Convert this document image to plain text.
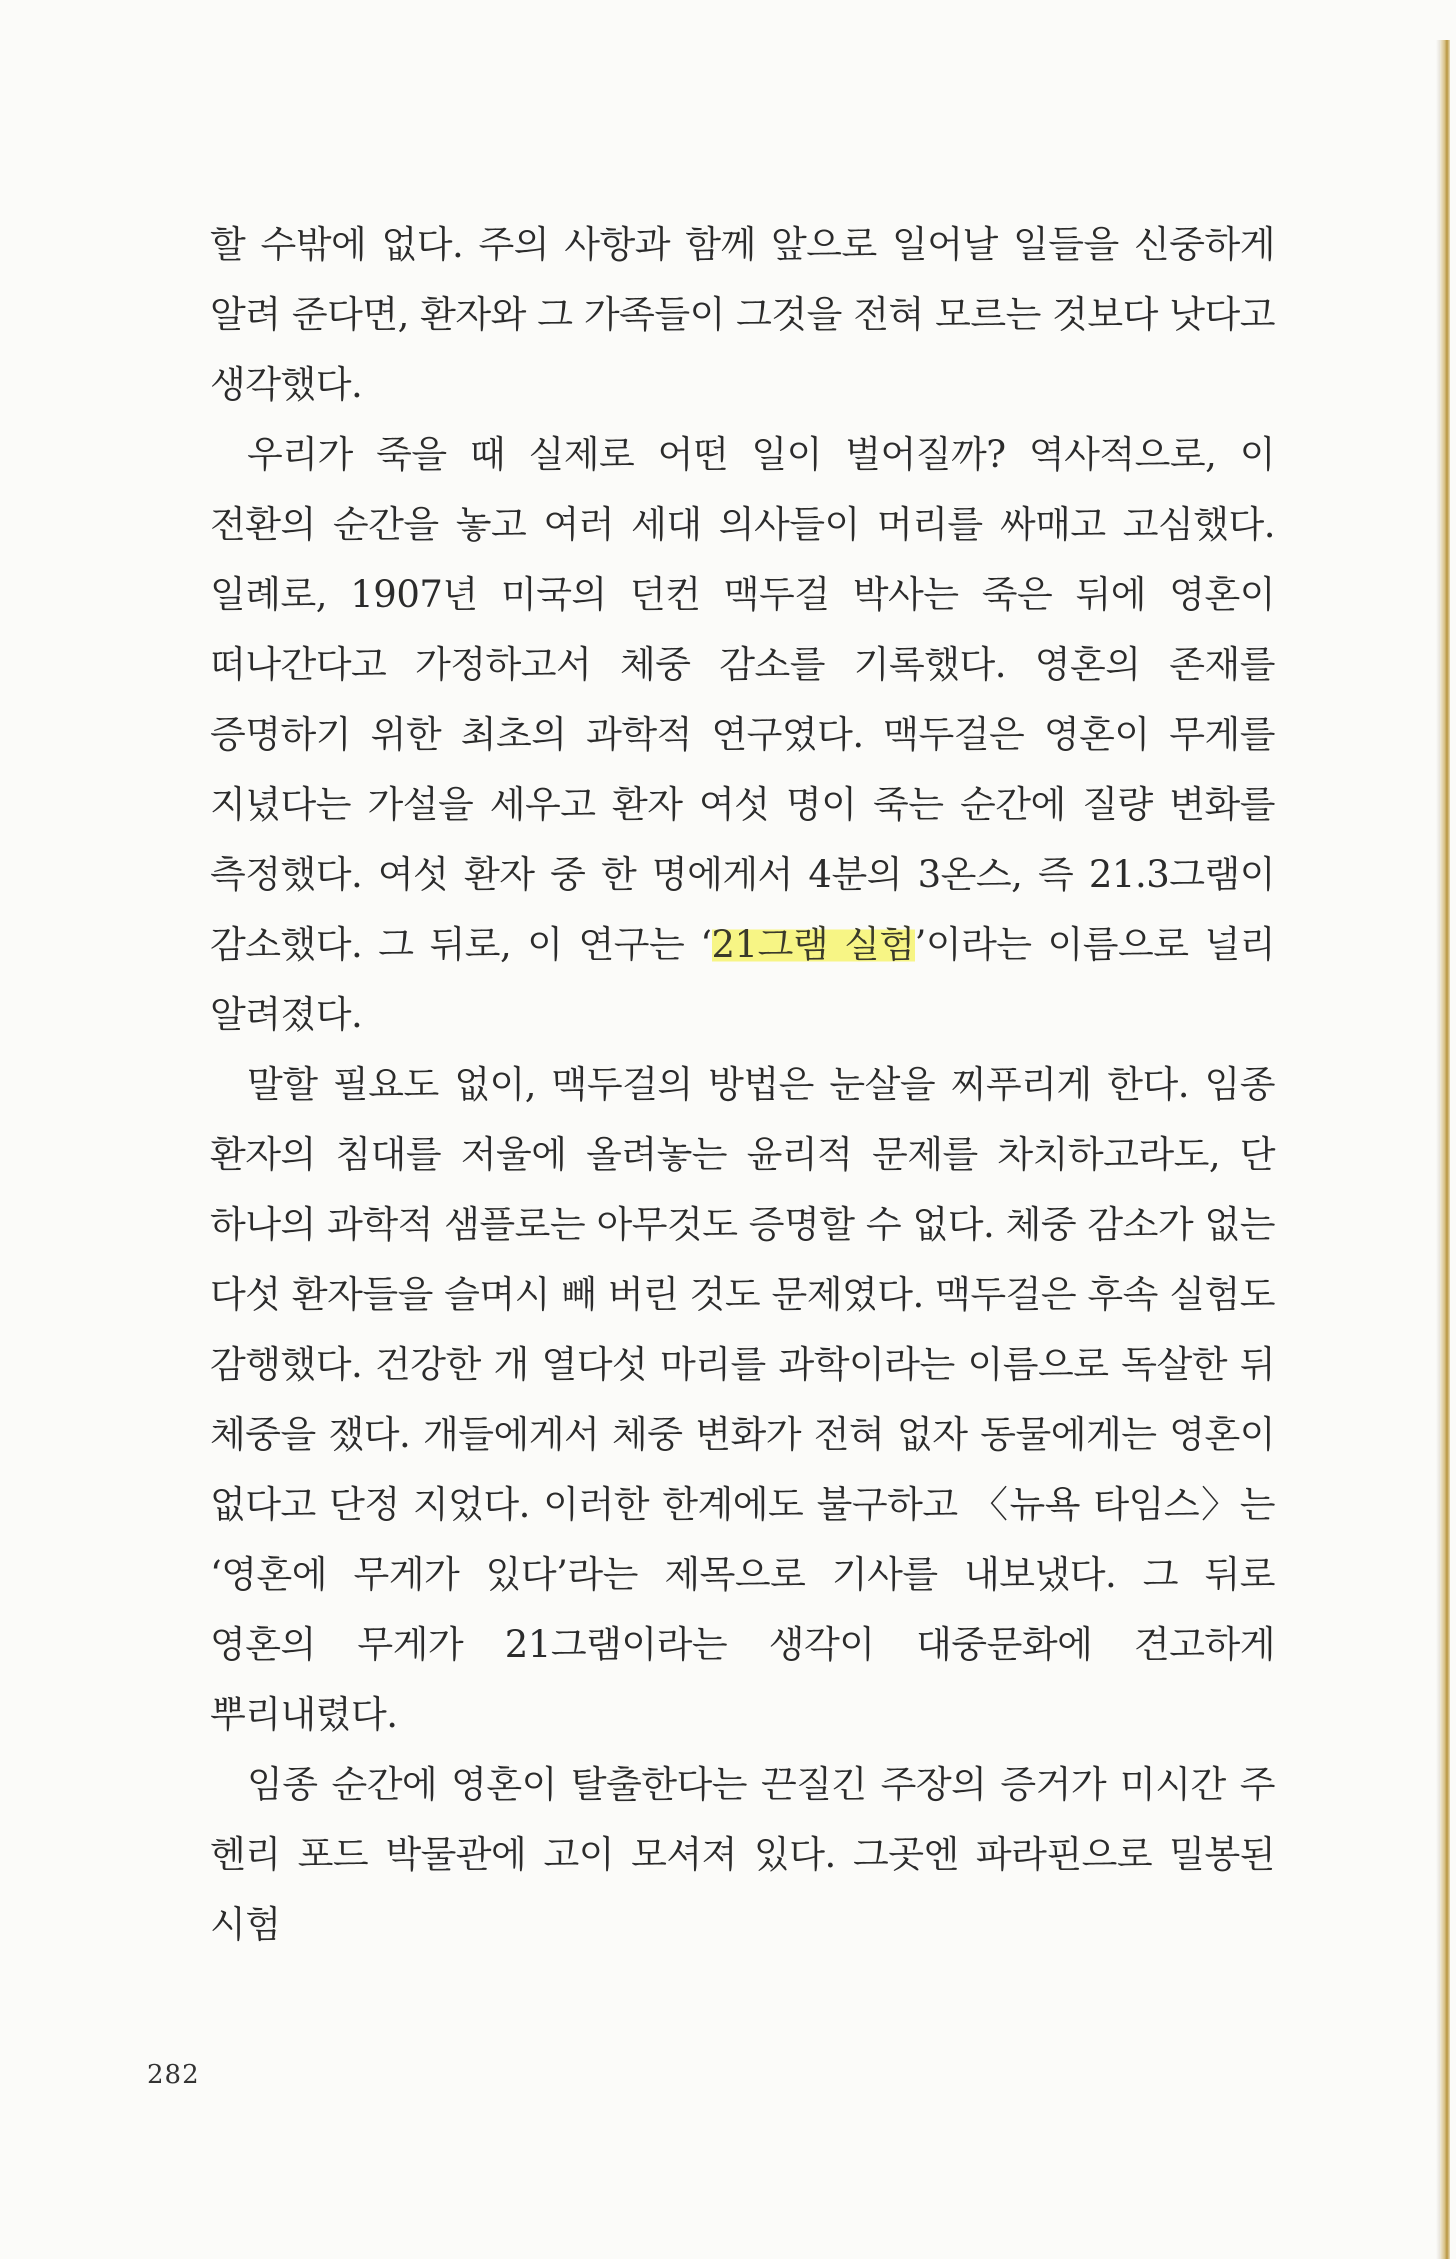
할 수밖에 없다. 주의 사항과 함께 앞으로 일어날 일들을 신중하게 알려 준다면, 환자와 그 가족들이 그것을 전혀 모르는 것보다 낫다고 생각했다.

우리가 죽을 때 실제로 어떤 일이 벌어질까? 역사적으로, 이 전환의 순간을 놓고 여러 세대 의사들이 머리를 싸매고 고심했다. 일례로, 1907년 미국의 던컨 맥두걸 박사는 죽은 뒤에 영혼이 떠나간다고 가정하고서 체중 감소를 기록했다. 영혼의 존재를 증명하기 위한 최초의 과학적 연구였다. 맥두걸은 영혼이 무게를 지녔다는 가설을 세우고 환자 여섯 명이 죽는 순간에 질량 변화를 측정했다. 여섯 환자 중 한 명에게서 4분의 3온스, 즉 21.3그램이 감소했다. 그 뒤로, 이 연구는 ‘21그램 실험’이라는 이름으로 널리 알려졌다.

말할 필요도 없이, 맥두걸의 방법은 눈살을 찌푸리게 한다. 임종 환자의 침대를 저울에 올려놓는 윤리적 문제를 차치하고라도, 단 하나의 과학적 샘플로는 아무것도 증명할 수 없다. 체중 감소가 없는 다섯 환자들을 슬며시 빼 버린 것도 문제였다. 맥두걸은 후속 실험도 감행했다. 건강한 개 열다섯 마리를 과학이라는 이름으로 독살한 뒤 체중을 쟀다. 개들에게서 체중 변화가 전혀 없자 동물에게는 영혼이 없다고 단정 지었다. 이러한 한계에도 불구하고 〈뉴욕 타임스〉는 ‘영혼에 무게가 있다’라는 제목으로 기사를 내보냈다. 그 뒤로 영혼의 무게가 21그램이라는 생각이 대중문화에 견고하게 뿌리내렸다.

임종 순간에 영혼이 탈출한다는 끈질긴 주장의 증거가 미시간 주 헨리 포드 박물관에 고이 모셔져 있다. 그곳엔 파라핀으로 밀봉된 시험

282
